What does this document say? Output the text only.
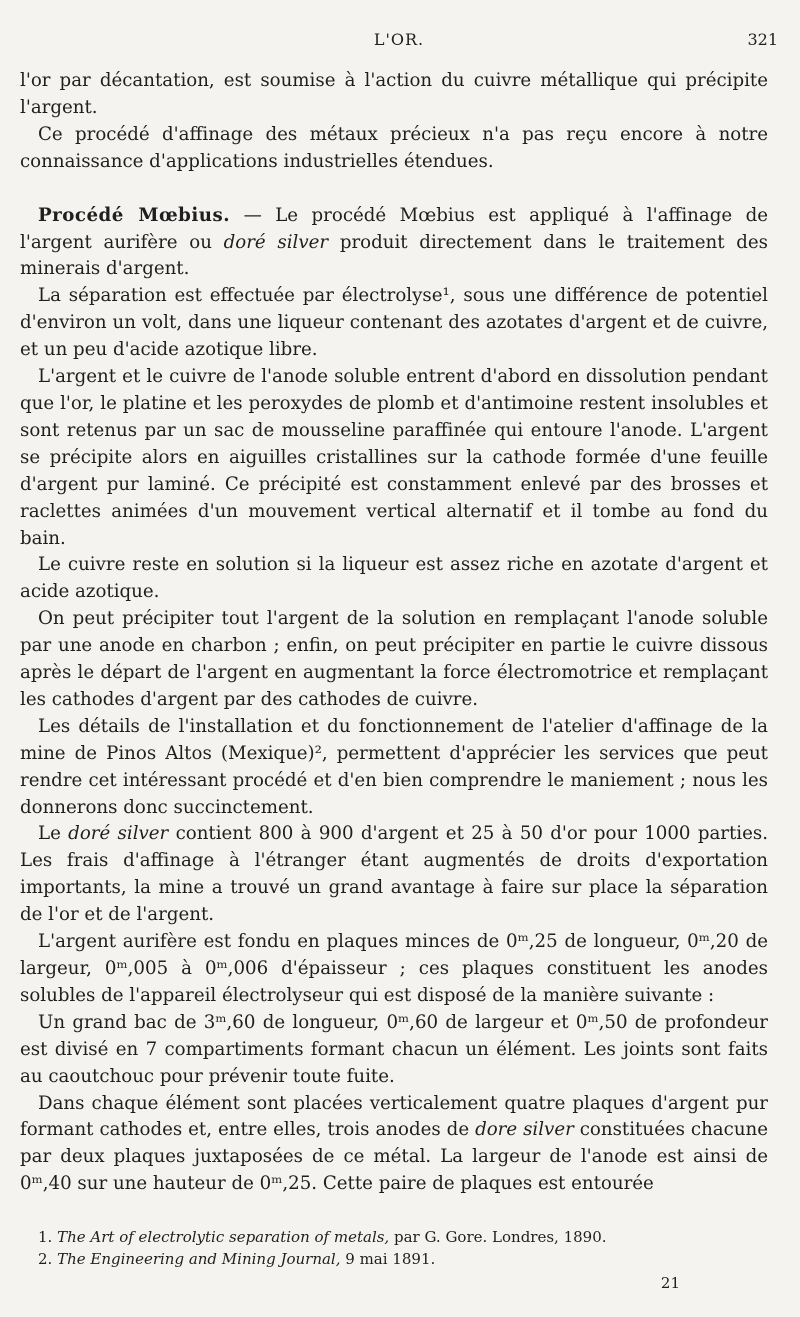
L'OR.	321

l'or par décantation, est soumise à l'action du cuivre métallique qui précipite l'argent.

Ce procédé d'affinage des métaux précieux n'a pas reçu encore à notre connaissance d'applications industrielles étendues.

Procédé Mœbius. — Le procédé Mœbius est appliqué à l'affinage de l'argent aurifère ou doré silver produit directement dans le traitement des minerais d'argent.

La séparation est effectuée par électrolyse¹, sous une différence de potentiel d'environ un volt, dans une liqueur contenant des azotates d'argent et de cuivre, et un peu d'acide azotique libre.

L'argent et le cuivre de l'anode soluble entrent d'abord en dissolution pendant que l'or, le platine et les peroxydes de plomb et d'antimoine restent insolubles et sont retenus par un sac de mousseline paraffinée qui entoure l'anode. L'argent se précipite alors en aiguilles cristallines sur la cathode formée d'une feuille d'argent pur laminé. Ce précipité est constamment enlevé par des brosses et raclettes animées d'un mouvement vertical alternatif et il tombe au fond du bain.

Le cuivre reste en solution si la liqueur est assez riche en azotate d'argent et acide azotique.

On peut précipiter tout l'argent de la solution en remplaçant l'anode soluble par une anode en charbon ; enfin, on peut précipiter en partie le cuivre dissous après le départ de l'argent en augmentant la force électromotrice et remplaçant les cathodes d'argent par des cathodes de cuivre.

Les détails de l'installation et du fonctionnement de l'atelier d'affinage de la mine de Pinos Altos (Mexique)², permettent d'apprécier les services que peut rendre cet intéressant procédé et d'en bien comprendre le maniement ; nous les donnerons donc succinctement.

Le doré silver contient 800 à 900 d'argent et 25 à 50 d'or pour 1000 parties. Les frais d'affinage à l'étranger étant augmentés de droits d'exportation importants, la mine a trouvé un grand avantage à faire sur place la séparation de l'or et de l'argent.

L'argent aurifère est fondu en plaques minces de 0ᵐ,25 de longueur, 0ᵐ,20 de largeur, 0ᵐ,005 à 0ᵐ,006 d'épaisseur ; ces plaques constituent les anodes solubles de l'appareil électrolyseur qui est disposé de la manière suivante :

Un grand bac de 3ᵐ,60 de longueur, 0ᵐ,60 de largeur et 0ᵐ,50 de profondeur est divisé en 7 compartiments formant chacun un élément. Les joints sont faits au caoutchouc pour prévenir toute fuite.

Dans chaque élément sont placées verticalement quatre plaques d'argent pur formant cathodes et, entre elles, trois anodes de dore silver constituées chacune par deux plaques juxtaposées de ce métal. La largeur de l'anode est ainsi de 0ᵐ,40 sur une hauteur de 0ᵐ,25. Cette paire de plaques est entourée

1. The Art of electrolytic separation of metals, par G. Gore. Londres, 1890.

2. The Engineering and Mining Journal, 9 mai 1891.

21
